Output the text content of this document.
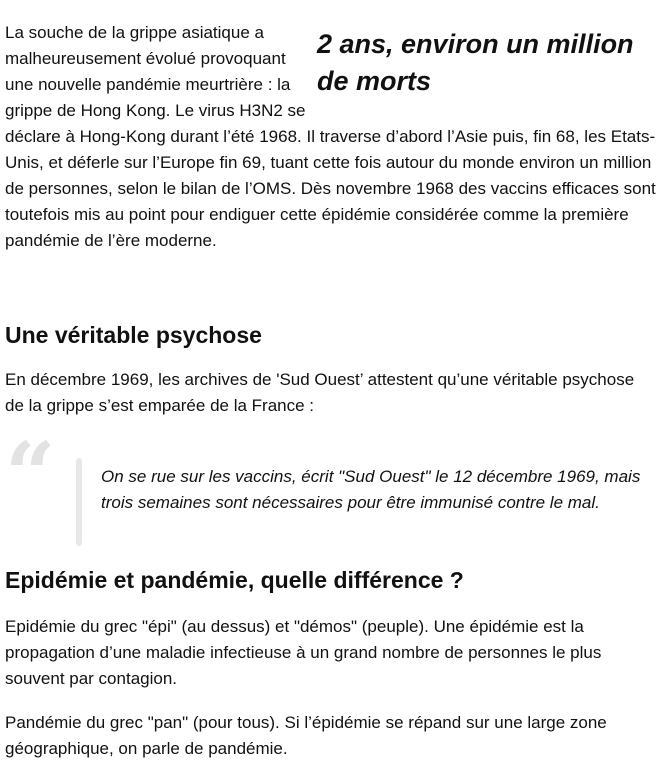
2 ans, environ un million de morts
La souche de la grippe asiatique a malheureusement évolué provoquant une nouvelle pandémie meurtrière : la grippe de Hong Kong. Le virus H3N2 se déclare à Hong-Kong durant l’été 1968. Il traverse d’abord l’Asie puis, fin 68, les Etats-Unis, et déferle sur l’Europe fin 69, tuant cette fois autour du monde environ un million de personnes, selon le bilan de l’OMS. Dès novembre 1968 des vaccins efficaces sont toutefois mis au point pour endiguer cette épidémie considérée comme la première pandémie de l’ère moderne.

Une véritable psychose

En décembre 1969, les archives de 'Sud Ouest’ attestent qu’une véritable psychose de la grippe s’est emparée de la France :

“	On se rue sur les vaccins, écrit "Sud Ouest" le 12 décembre 1969, mais trois semaines sont nécessaires pour être immunisé contre le mal.

Epidémie et pandémie, quelle différence ?

Epidémie du grec "épi" (au dessus) et "démos" (peuple). Une épidémie est la propagation d’une maladie infectieuse à un grand nombre de personnes le plus souvent par contagion.

Pandémie du grec "pan" (pour tous). Si l’épidémie se répand sur une large zone géographique, on parle de pandémie.
